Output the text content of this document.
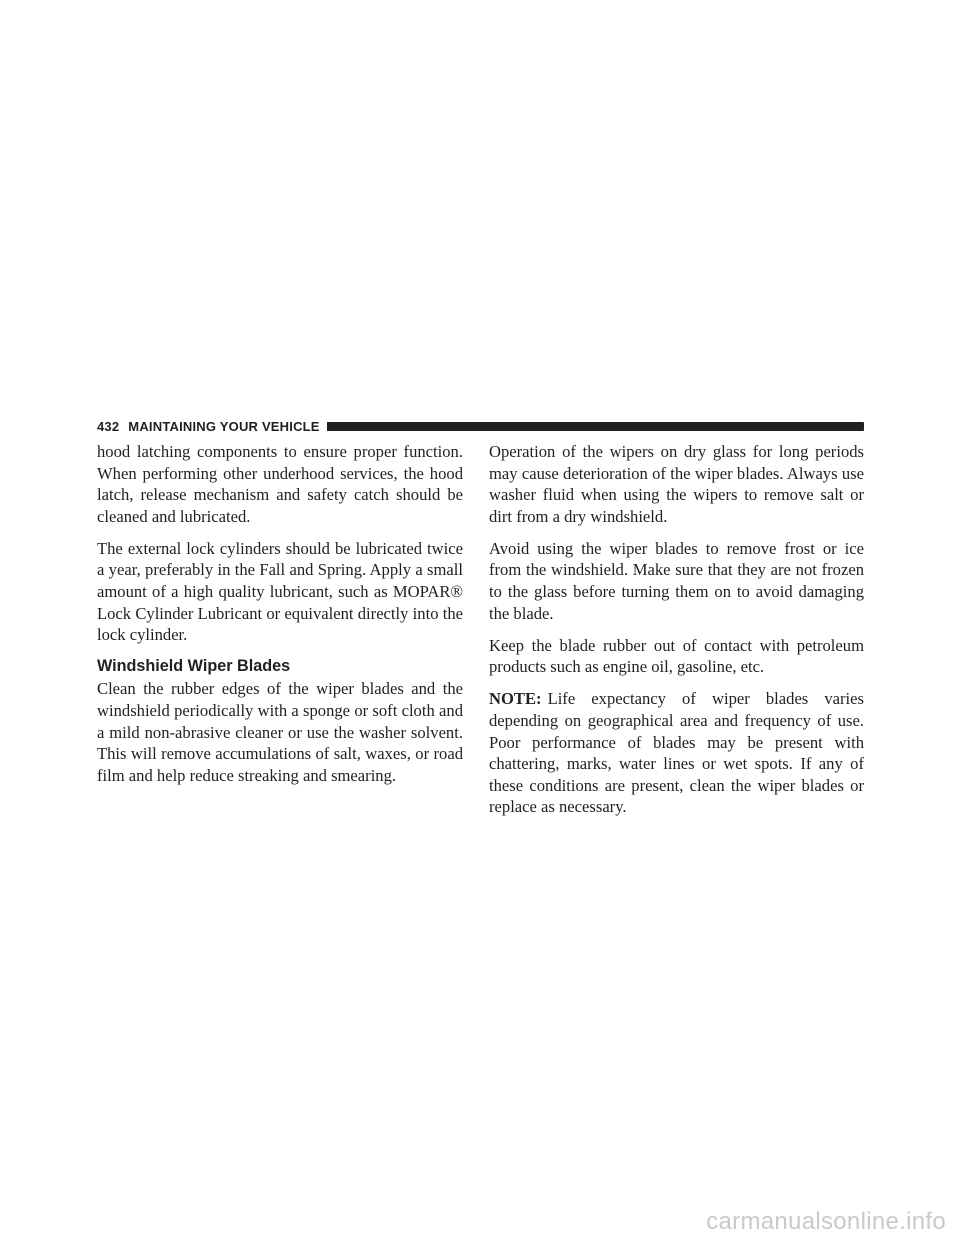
432 MAINTAINING YOUR VEHICLE

hood latching components to ensure proper function. When performing other underhood services, the hood latch, release mechanism and safety catch should be cleaned and lubricated.

The external lock cylinders should be lubricated twice a year, preferably in the Fall and Spring. Apply a small amount of a high quality lubricant, such as MOPAR® Lock Cylinder Lubricant or equivalent directly into the lock cylinder.

Windshield Wiper Blades

Clean the rubber edges of the wiper blades and the windshield periodically with a sponge or soft cloth and a mild non-abrasive cleaner or use the washer solvent. This will remove accumulations of salt, waxes, or road film and help reduce streaking and smearing.

Operation of the wipers on dry glass for long periods may cause deterioration of the wiper blades. Always use washer fluid when using the wipers to remove salt or dirt from a dry windshield.

Avoid using the wiper blades to remove frost or ice from the windshield. Make sure that they are not frozen to the glass before turning them on to avoid damaging the blade.

Keep the blade rubber out of contact with petroleum products such as engine oil, gasoline, etc.

NOTE: Life expectancy of wiper blades varies depending on geographical area and frequency of use. Poor performance of blades may be present with chattering, marks, water lines or wet spots. If any of these conditions are present, clean the wiper blades or replace as necessary.

carmanualsonline.info
